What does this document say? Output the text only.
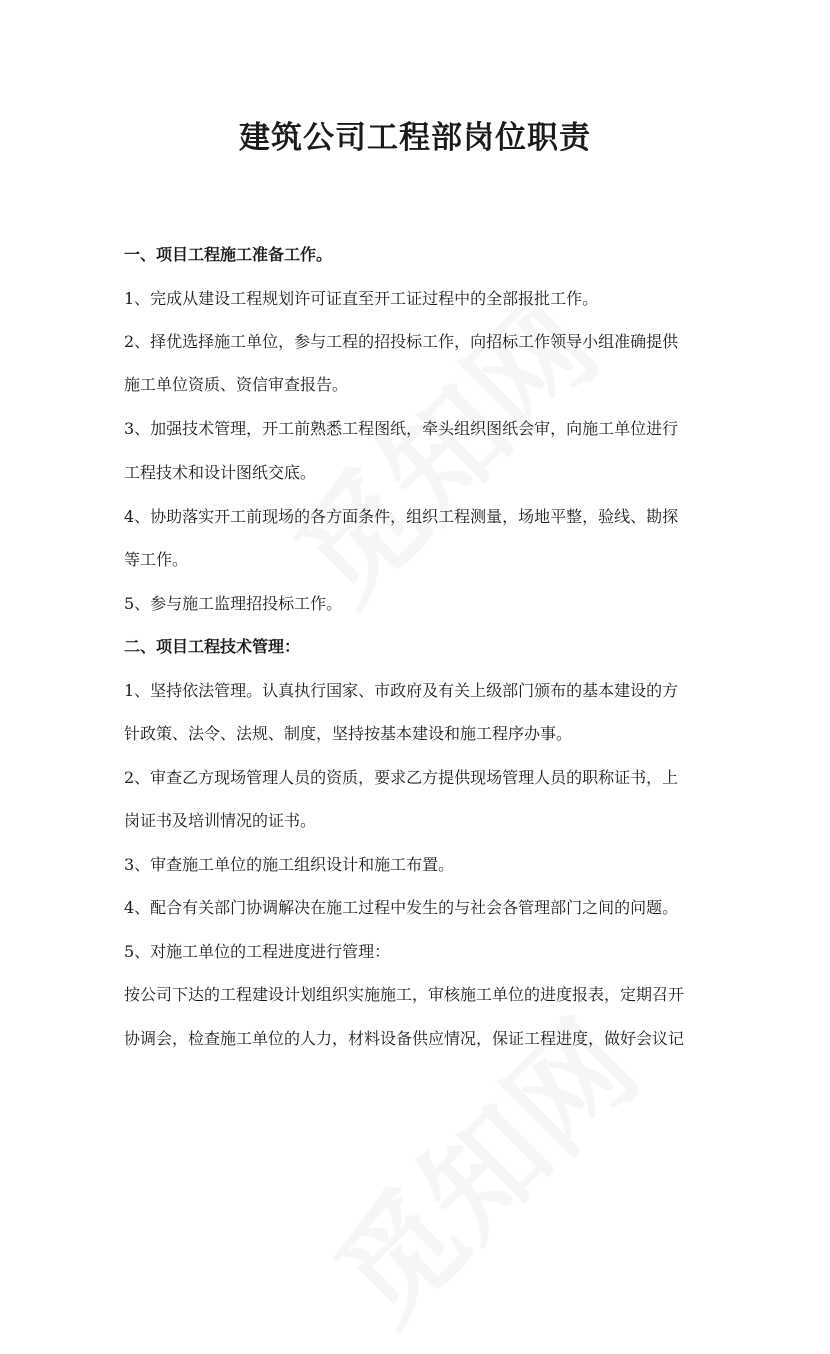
建筑公司工程部岗位职责
一、项目工程施工准备工作。
1、完成从建设工程规划许可证直至开工证过程中的全部报批工作。
2、择优选择施工单位，参与工程的招投标工作，向招标工作领导小组准确提供
施工单位资质、资信审查报告。
3、加强技术管理，开工前熟悉工程图纸，牵头组织图纸会审，向施工单位进行
工程技术和设计图纸交底。
4、协助落实开工前现场的各方面条件，组织工程测量，场地平整，验线、勘探
等工作。
5、参与施工监理招投标工作。
二、项目工程技术管理：
1、坚持依法管理。认真执行国家、市政府及有关上级部门颁布的基本建设的方
针政策、法令、法规、制度，坚持按基本建设和施工程序办事。
2、审查乙方现场管理人员的资质，要求乙方提供现场管理人员的职称证书，上
岗证书及培训情况的证书。
3、审查施工单位的施工组织设计和施工布置。
4、配合有关部门协调解决在施工过程中发生的与社会各管理部门之间的问题。
5、对施工单位的工程进度进行管理：
按公司下达的工程建设计划组织实施施工，审核施工单位的进度报表，定期召开
协调会，检查施工单位的人力，材料设备供应情况，保证工程进度，做好会议记
